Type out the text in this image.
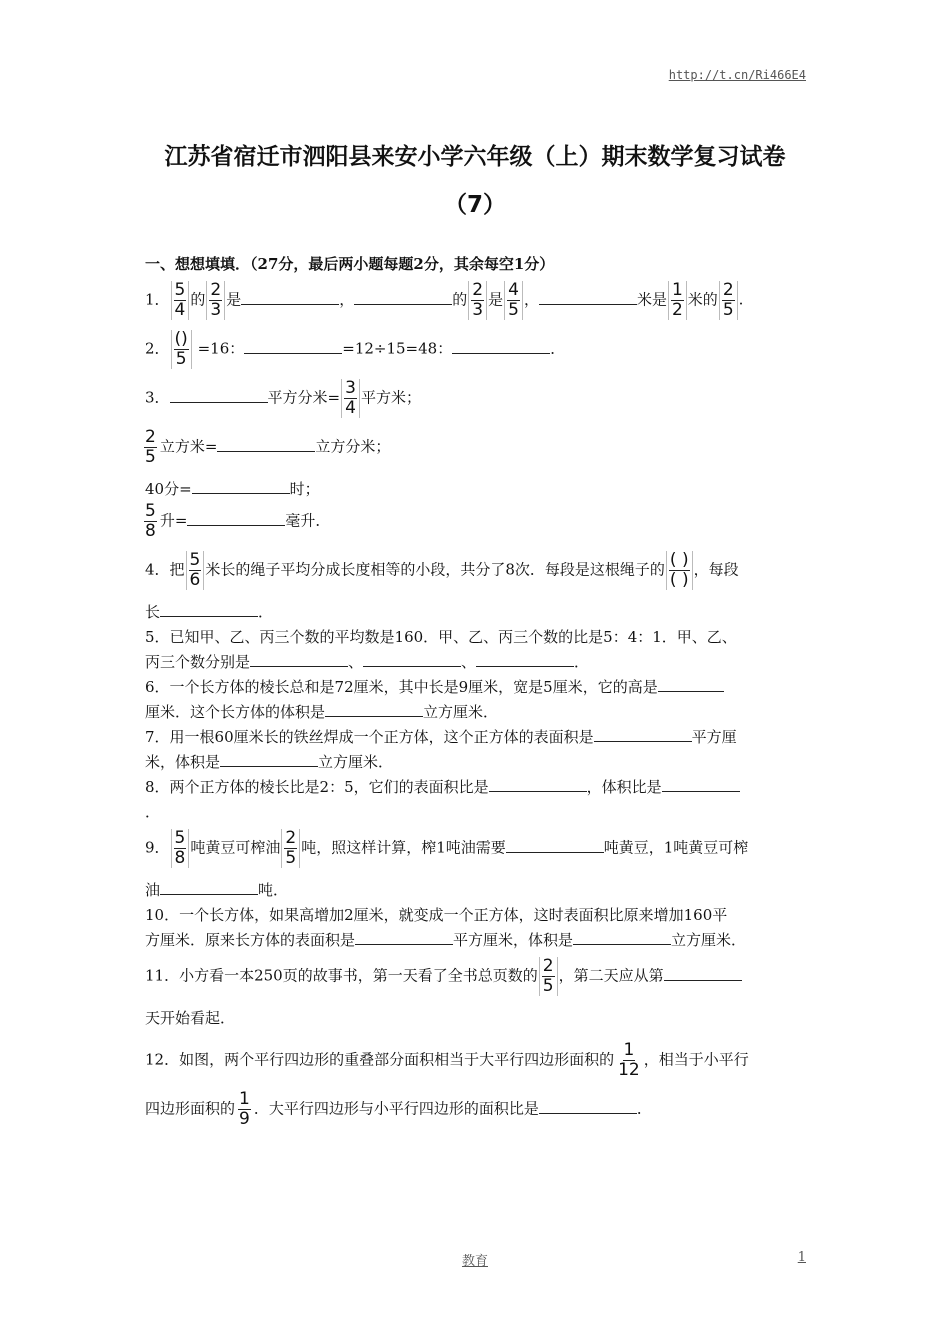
http://t.cn/Ri466E4
江苏省宿迁市泗阳县来安小学六年级（上）期末数学复习试卷
（7）
一、想想填填．（27分，最后两小题每题2分，其余每空1分）
1． $\frac{5}{4}$ 的 $\frac{2}{3}$ 是	，	的 $\frac{2}{3}$ 是 $\frac{4}{5}$ ，	米是 $\frac{1}{2}$ 米的 $\frac{2}{5}$ .
2． $\frac{()}{5} =16$：	=12÷15=48：	．
3．	平方分米= $\frac{3}{4}$ 平方米；
$\frac{2}{5}$ 立方米=	立方分米；
40分=	时；
$\frac{5}{8}$ 升=	毫升．
4．把 $\frac{5}{6}$ 米长的绳子平均分成长度相等的小段，共分了8次．每段是这根绳子的 $\frac{( )}{( )}$ ，每段
长	．
5．已知甲、乙、丙三个数的平均数是160．甲、乙、丙三个数的比是5：4：1．甲、乙、
丙三个数分别是	、	、	．
6．一个长方体的棱长总和是72厘米，其中长是9厘米，宽是5厘米，它的高是
厘米．这个长方体的体积是	立方厘米．
7．用一根60厘米长的铁丝焊成一个正方体，这个正方体的表面积是	平方厘
米，体积是	立方厘米．
8．两个正方体的棱长比是2：5，它们的表面积比是	，体积比是
．
9． $\frac{5}{8}$ 吨黄豆可榨油 $\frac{2}{5}$ 吨，照这样计算，榨1吨油需要	吨黄豆，1吨黄豆可榨
油	吨．
10．一个长方体，如果高增加2厘米，就变成一个正方体，这时表面积比原来增加160平
方厘米．原来长方体的表面积是	平方厘米，体积是	立方厘米．
11．小方看一本250页的故事书，第一天看了全书总页数的 $\frac{2}{5}$ ，第二天应从第
天开始看起．
12．如图，两个平行四边形的重叠部分面积相当于大平行四边形面积的 $\frac{1}{12}$ ，相当于小平行
四边形面积的 $\frac{1}{9}$ ．大平行四边形与小平行四边形的面积比是	．
教育	1
